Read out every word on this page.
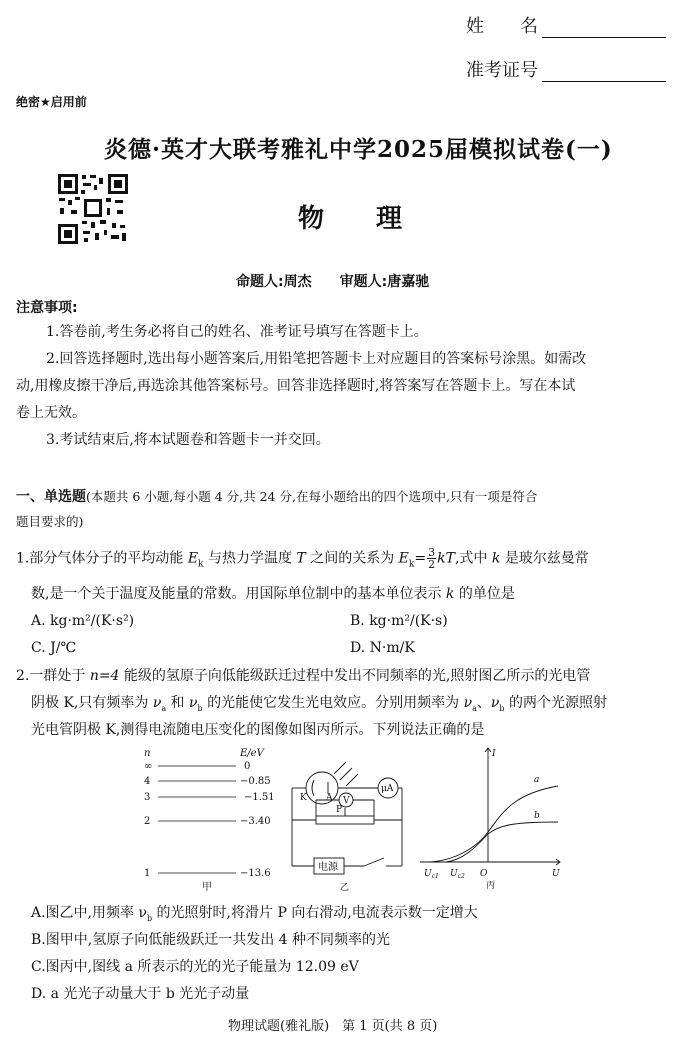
姓　　名
准考证号
绝密★启用前
炎德·英才大联考雅礼中学2025届模拟试卷(一)
物　　理
命题人:周杰　　审题人:唐嘉驰
注意事项:
1.答卷前,考生务必将自己的姓名、准考证号填写在答题卡上。
2.回答选择题时,选出每小题答案后,用铅笔把答题卡上对应题目的答案标号涂黑。如需改
动,用橡皮擦干净后,再选涂其他答案标号。回答非选择题时,将答案写在答题卡上。写在本试
卷上无效。
3.考试结束后,将本试题卷和答题卡一并交回。
一、单选题(本题共 6 小题,每小题 4 分,共 24 分,在每小题给出的四个选项中,只有一项是符合
题目要求的)
1.部分气体分子的平均动能 $E_k$ 与热力学温度 T 之间的关系为 $E_k= \frac{3}{2}$ kT,式中 k 是玻尔兹曼常
数,是一个关于温度及能量的常数。用国际单位制中的基本单位表示 k 的单位是
A. kg·m²/(K·s²)	B. kg·m²/(K·s)
C. J/℃	D. N·m/K
2.一群处于 n=4 能级的氢原子向低能级跃迁过程中发出不同频率的光,照射图乙所示的光电管
阴极 K,只有频率为 $\nu_a$ 和 $\nu_b$ 的光能使它发生光电效应。分别用频率为 $\nu_a$、$\nu_b$ 的两个光源照射
光电管阴极 K,测得电流随电压变化的图像如图丙所示。下列说法正确的是
n	E/eV
∞	0
4	−0.85
3	−1.51
2	−3.40
1	−13.6
甲
K A V
μA
P
电源
乙
I
U
O
a
b
$U_{c1}$ $U_{c2}$
丙
A.图乙中,用频率 $\nu_b$ 的光照射时,将滑片 P 向右滑动,电流表示数一定增大
B.图甲中,氢原子向低能级跃迁一共发出 4 种不同频率的光
C.图丙中,图线 a 所表示的光的光子能量为 12.09 eV
D. a 光光子动量大于 b 光光子动量
物理试题(雅礼版)　第 1 页(共 8 页)
